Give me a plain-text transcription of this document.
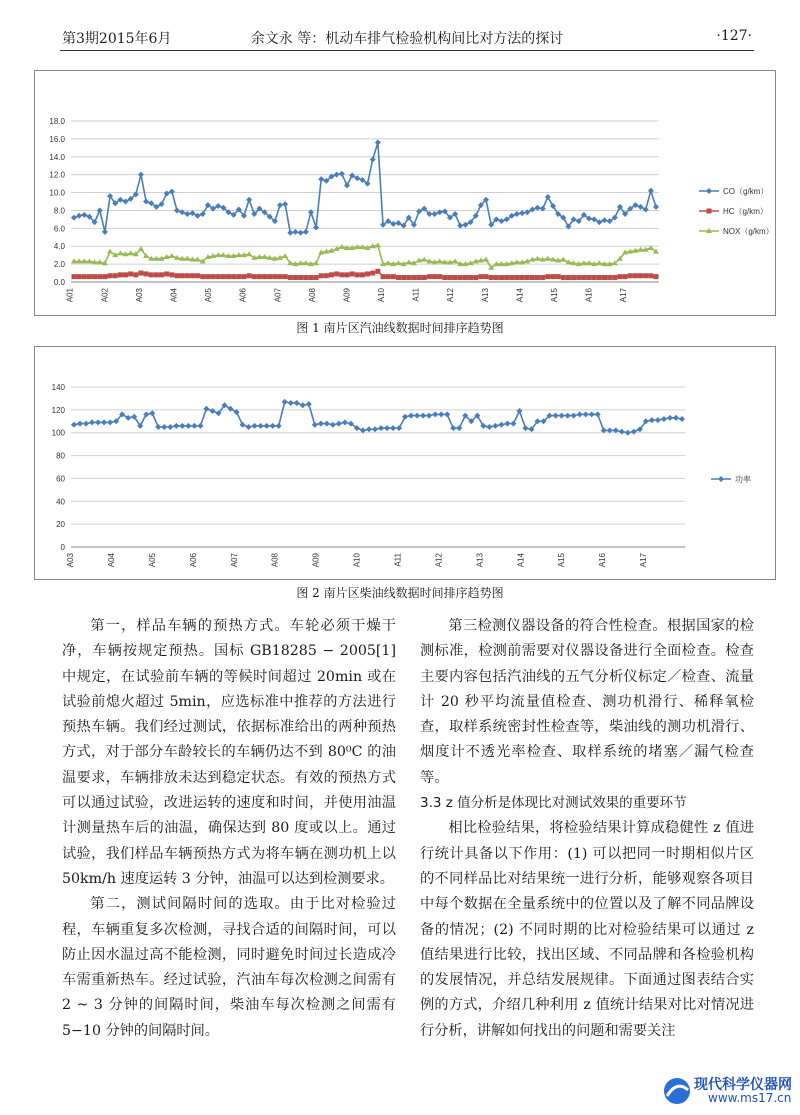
第3期2015年6月	余文永 等：机动车排气检验机构间比对方法的探讨	·127·
0.0
2.0
4.0
6.0
8.0
10.0
12.0
14.0
16.0
18.0
A01	A02	A03	A04	A05	A06	A07	A08	A09	A10	A11	A12	A13	A14	A15	A16	A17
CO（g/km）
HC（g/km）
NOX（g/km）
图 1 南片区汽油线数据时间排序趋势图
0
20
40
60
80
100
120
140
A03	A04	A05	A06	A07	A08	A09	A10	A11	A12	A13	A14	A15	A16	A17
功率
图 2 南片区柴油线数据时间排序趋势图

第一，样品车辆的预热方式。车轮必须干燥干净，车辆按规定预热。国标 GB18285 − 2005[1] 中规定，在试验前车辆的等候时间超过 20min 或在试验前熄火超过 5min，应选标准中推荐的方法进行预热车辆。我们经过测试，依据标准给出的两种预热方式，对于部分车龄较长的车辆仍达不到 80⁰C 的油温要求，车辆排放未达到稳定状态。有效的预热方式可以通过试验，改进运转的速度和时间，并使用油温计测量热车后的油温，确保达到 80 度或以上。通过试验，我们样品车辆预热方式为将车辆在测功机上以 50km/h 速度运转 3 分钟，油温可以达到检测要求。

第二，测试间隔时间的选取。由于比对检验过程，车辆重复多次检测，寻找合适的间隔时间，可以防止因水温过高不能检测，同时避免时间过长造成冷车需重新热车。经过试验，汽油车每次检测之间需有 2 ~ 3 分钟的间隔时间，柴油车每次检测之间需有 5−10 分钟的间隔时间。

第三检测仪器设备的符合性检查。根据国家的检测标准，检测前需要对仪器设备进行全面检查。检查主要内容包括汽油线的五气分析仪标定／检查、流量计 20 秒平均流量值检查、测功机滑行、稀释氧检查，取样系统密封性检查等，柴油线的测功机滑行、烟度计不透光率检查、取样系统的堵塞／漏气检查等。

3.3 z 值分析是体现比对测试效果的重要环节

相比检验结果，将检验结果计算成稳健性 z 值进行统计具备以下作用：(1) 可以把同一时期相似片区的不同样品比对结果统一进行分析，能够观察各项目中每个数据在全量系统中的位置以及了解不同品牌设备的情况；(2) 不同时期的比对检验结果可以通过 z 值结果进行比较，找出区域、不同品牌和各检验机构的发展情况，并总结发展规律。下面通过图表结合实例的方式，介绍几种利用 z 值统计结果对比对情况进行分析，讲解如何找出的问题和需要关注

现代科学仪器网
www.ms17.cn
